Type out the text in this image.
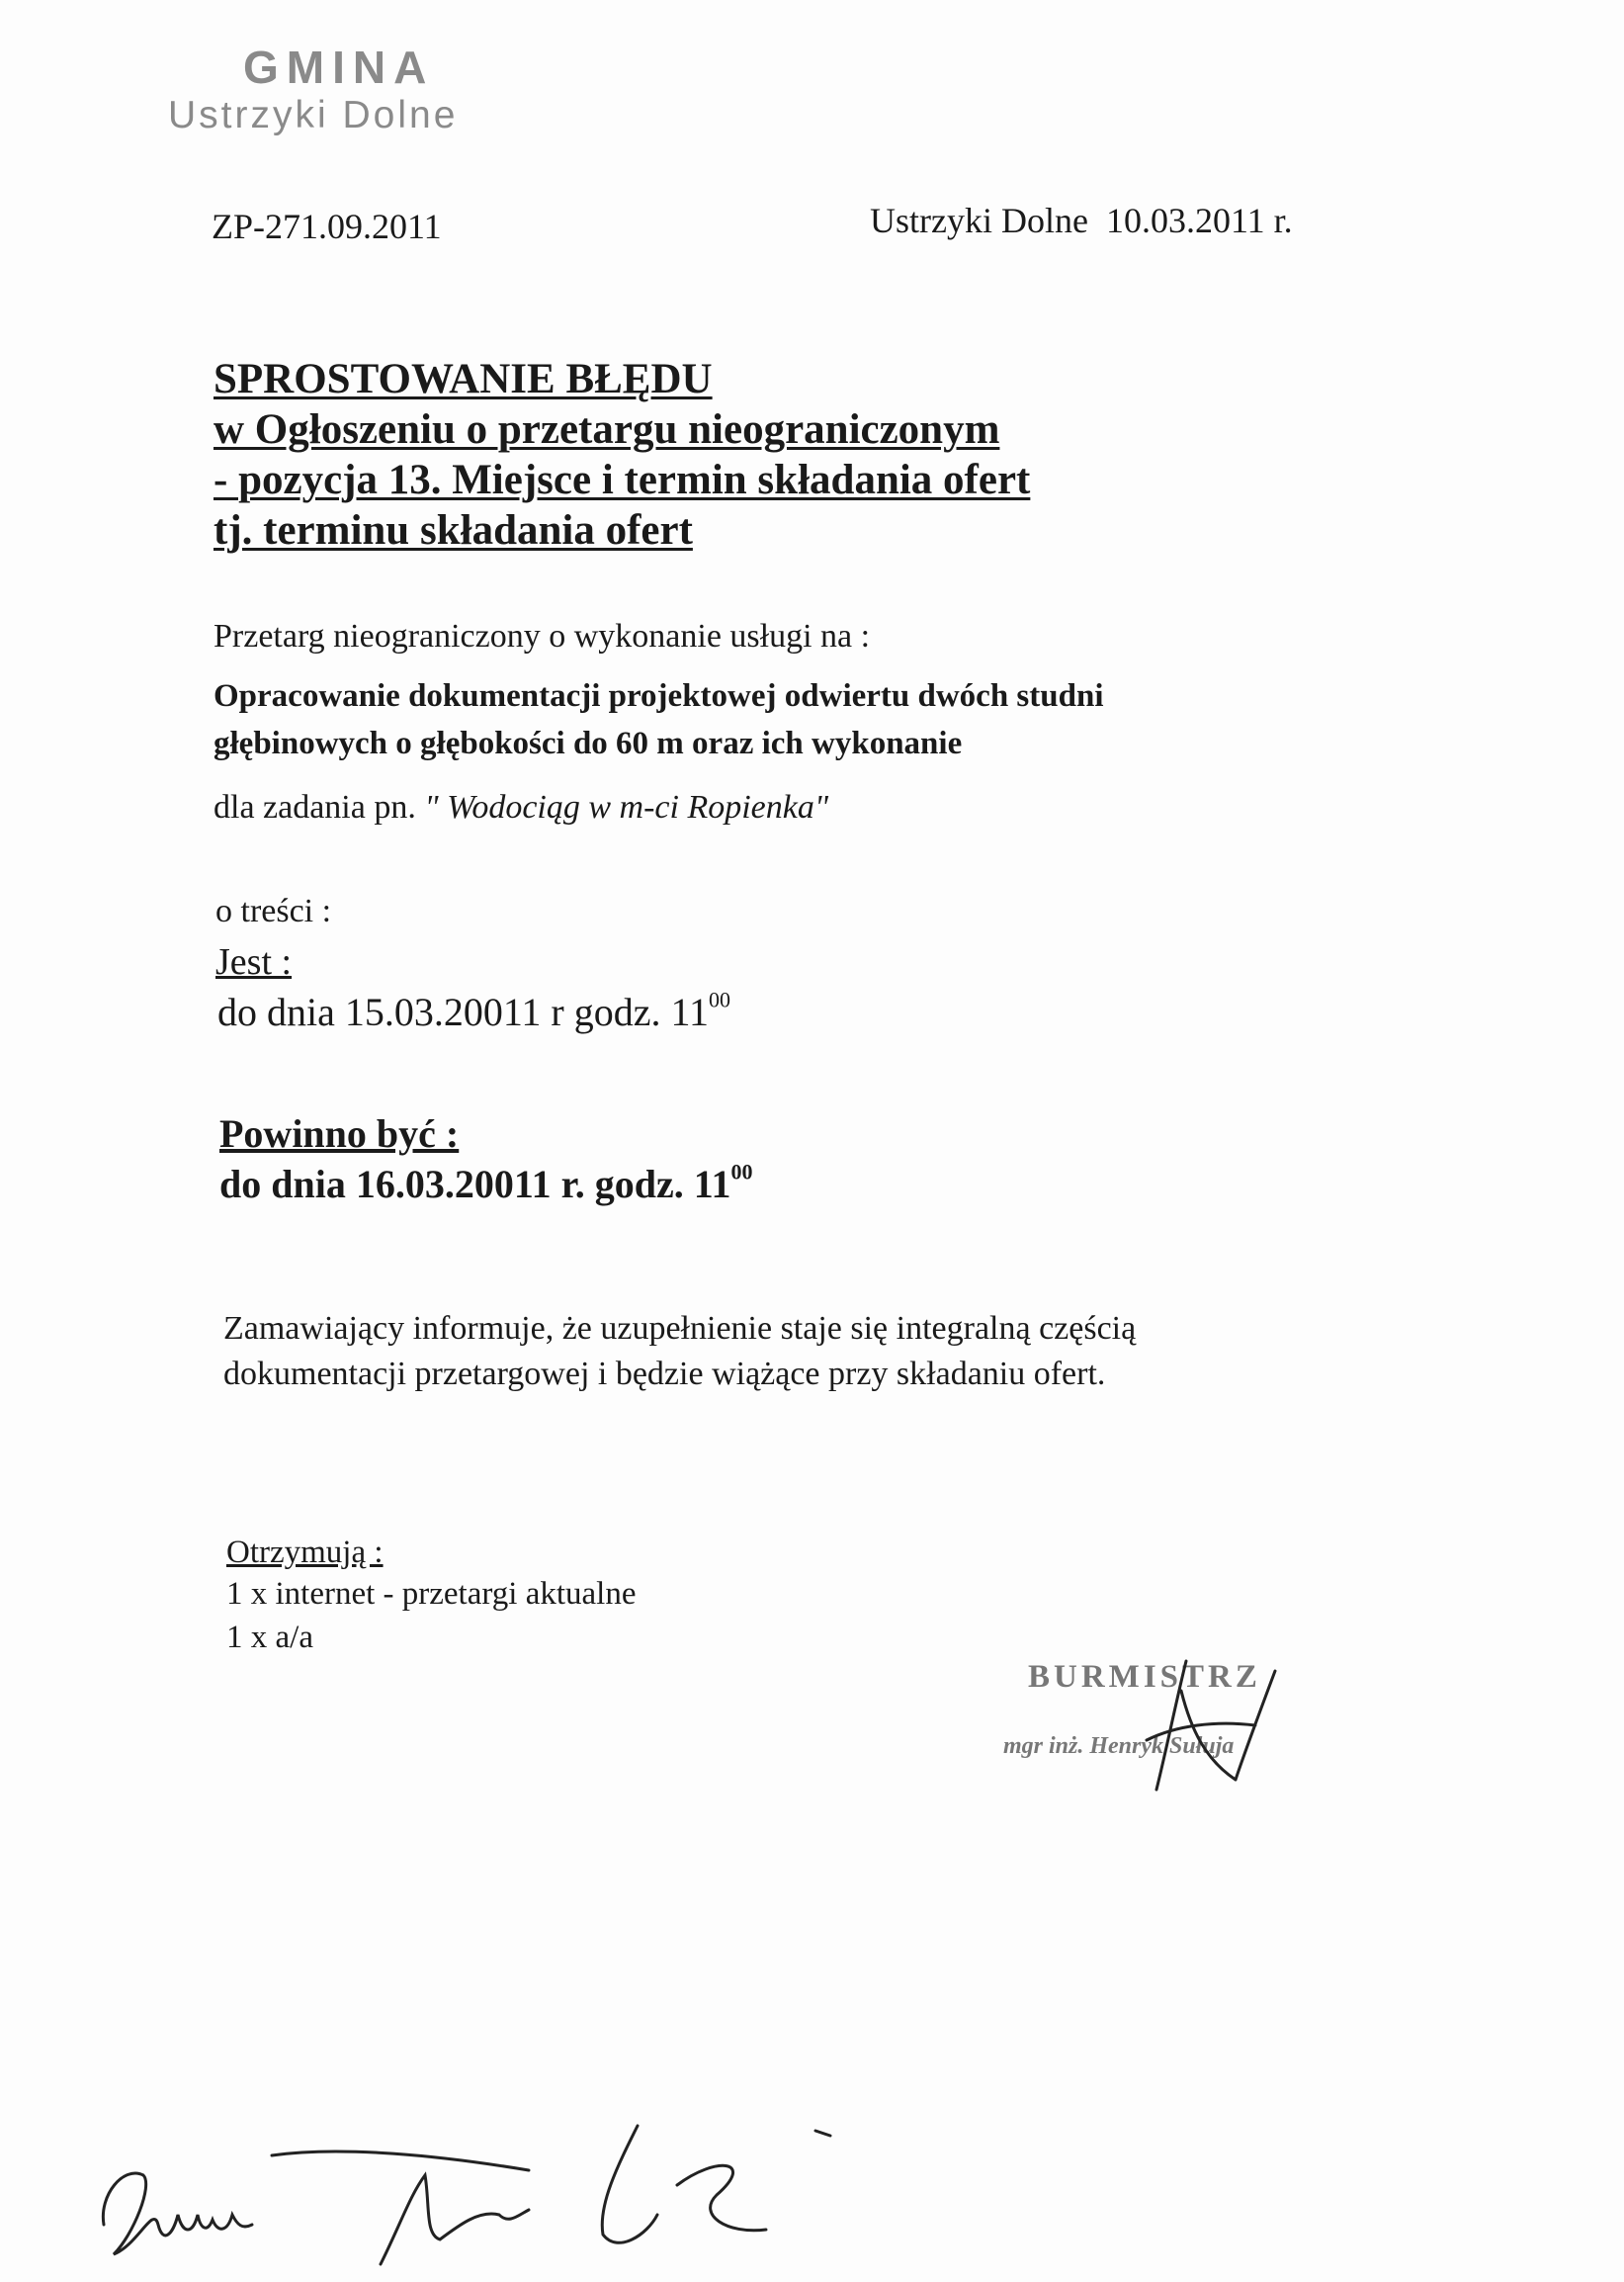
GMINA
Ustrzyki Dolne
ZP-271.09.2011	Ustrzyki Dolne  10.03.2011 r.
SPROSTOWANIE BŁĘDU
w Ogłoszeniu o przetargu nieograniczonym
- pozycja 13. Miejsce i termin składania ofert
tj. terminu składania ofert
Przetarg nieograniczony o wykonanie usługi na :
Opracowanie dokumentacji projektowej odwiertu dwóch studni
głębinowych o głębokości do 60 m oraz ich wykonanie
dla zadania pn. " Wodociąg w m-ci Ropienka"
o treści :
Jest :
do dnia 15.03.20011 r godz. $11^{00}$
Powinno być :
do dnia 16.03.20011 r. godz. $11^{00}$
Zamawiający informuje, że uzupełnienie staje się integralną częścią
dokumentacji przetargowej i będzie wiążące przy składaniu ofert.
Otrzymują :
1 x internet - przetargi aktualne
1 x a/a
BURMISTRZ
mgr inż. Henryk Sułuja
